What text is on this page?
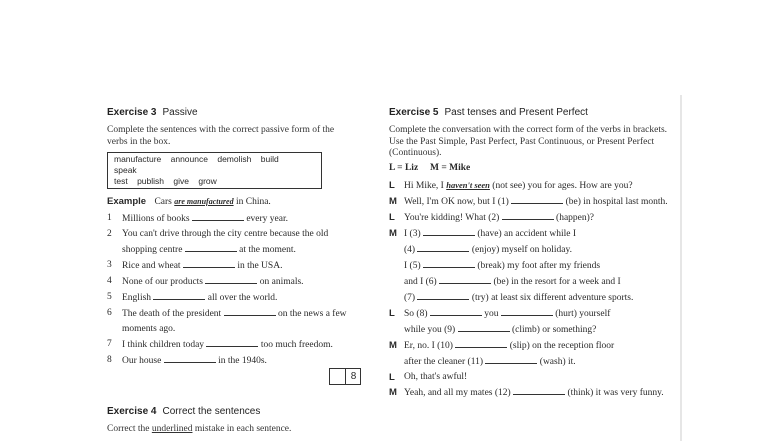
Exercise 3 Passive
Complete the sentences with the correct passive form of the verbs in the box.
manufacture announce demolish build speak
test publish give grow
Example Cars are manufactured in China.
1 Millions of books	every year.
2 You can't drive through the city centre because the old shopping centre	at the moment.
3 Rice and wheat	in the USA.
4 None of our products	on animals.
5 English	all over the world.
6 The death of the president	on the news a few moments ago.
7 I think children today	too much freedom.
8 Our house	in the 1940s.
8
Exercise 4 Correct the sentences
Correct the underlined mistake in each sentence.
Exercise 5 Past tenses and Present Perfect
Complete the conversation with the correct form of the verbs in brackets. Use the Past Simple, Past Perfect, Past Continuous, or Present Perfect (Continuous).
L = Liz     M = Mike
L Hi Mike, I haven't seen (not see) you for ages. How are you?
M Well, I'm OK now, but I (1)	(be) in hospital last month.
L You're kidding! What (2)	(happen)?
M I (3)	(have) an accident while I
(4)	(enjoy) myself on holiday.
I (5)	(break) my foot after my friends
and I (6)	(be) in the resort for a week and I
(7)	(try) at least six different adventure sports.
L So (8)	you	(hurt) yourself
while you (9)	(climb) or something?
M Er, no. I (10)	(slip) on the reception floor
after the cleaner (11)	(wash) it.
L Oh, that's awful!
M Yeah, and all my mates (12)	(think) it was very funny.
